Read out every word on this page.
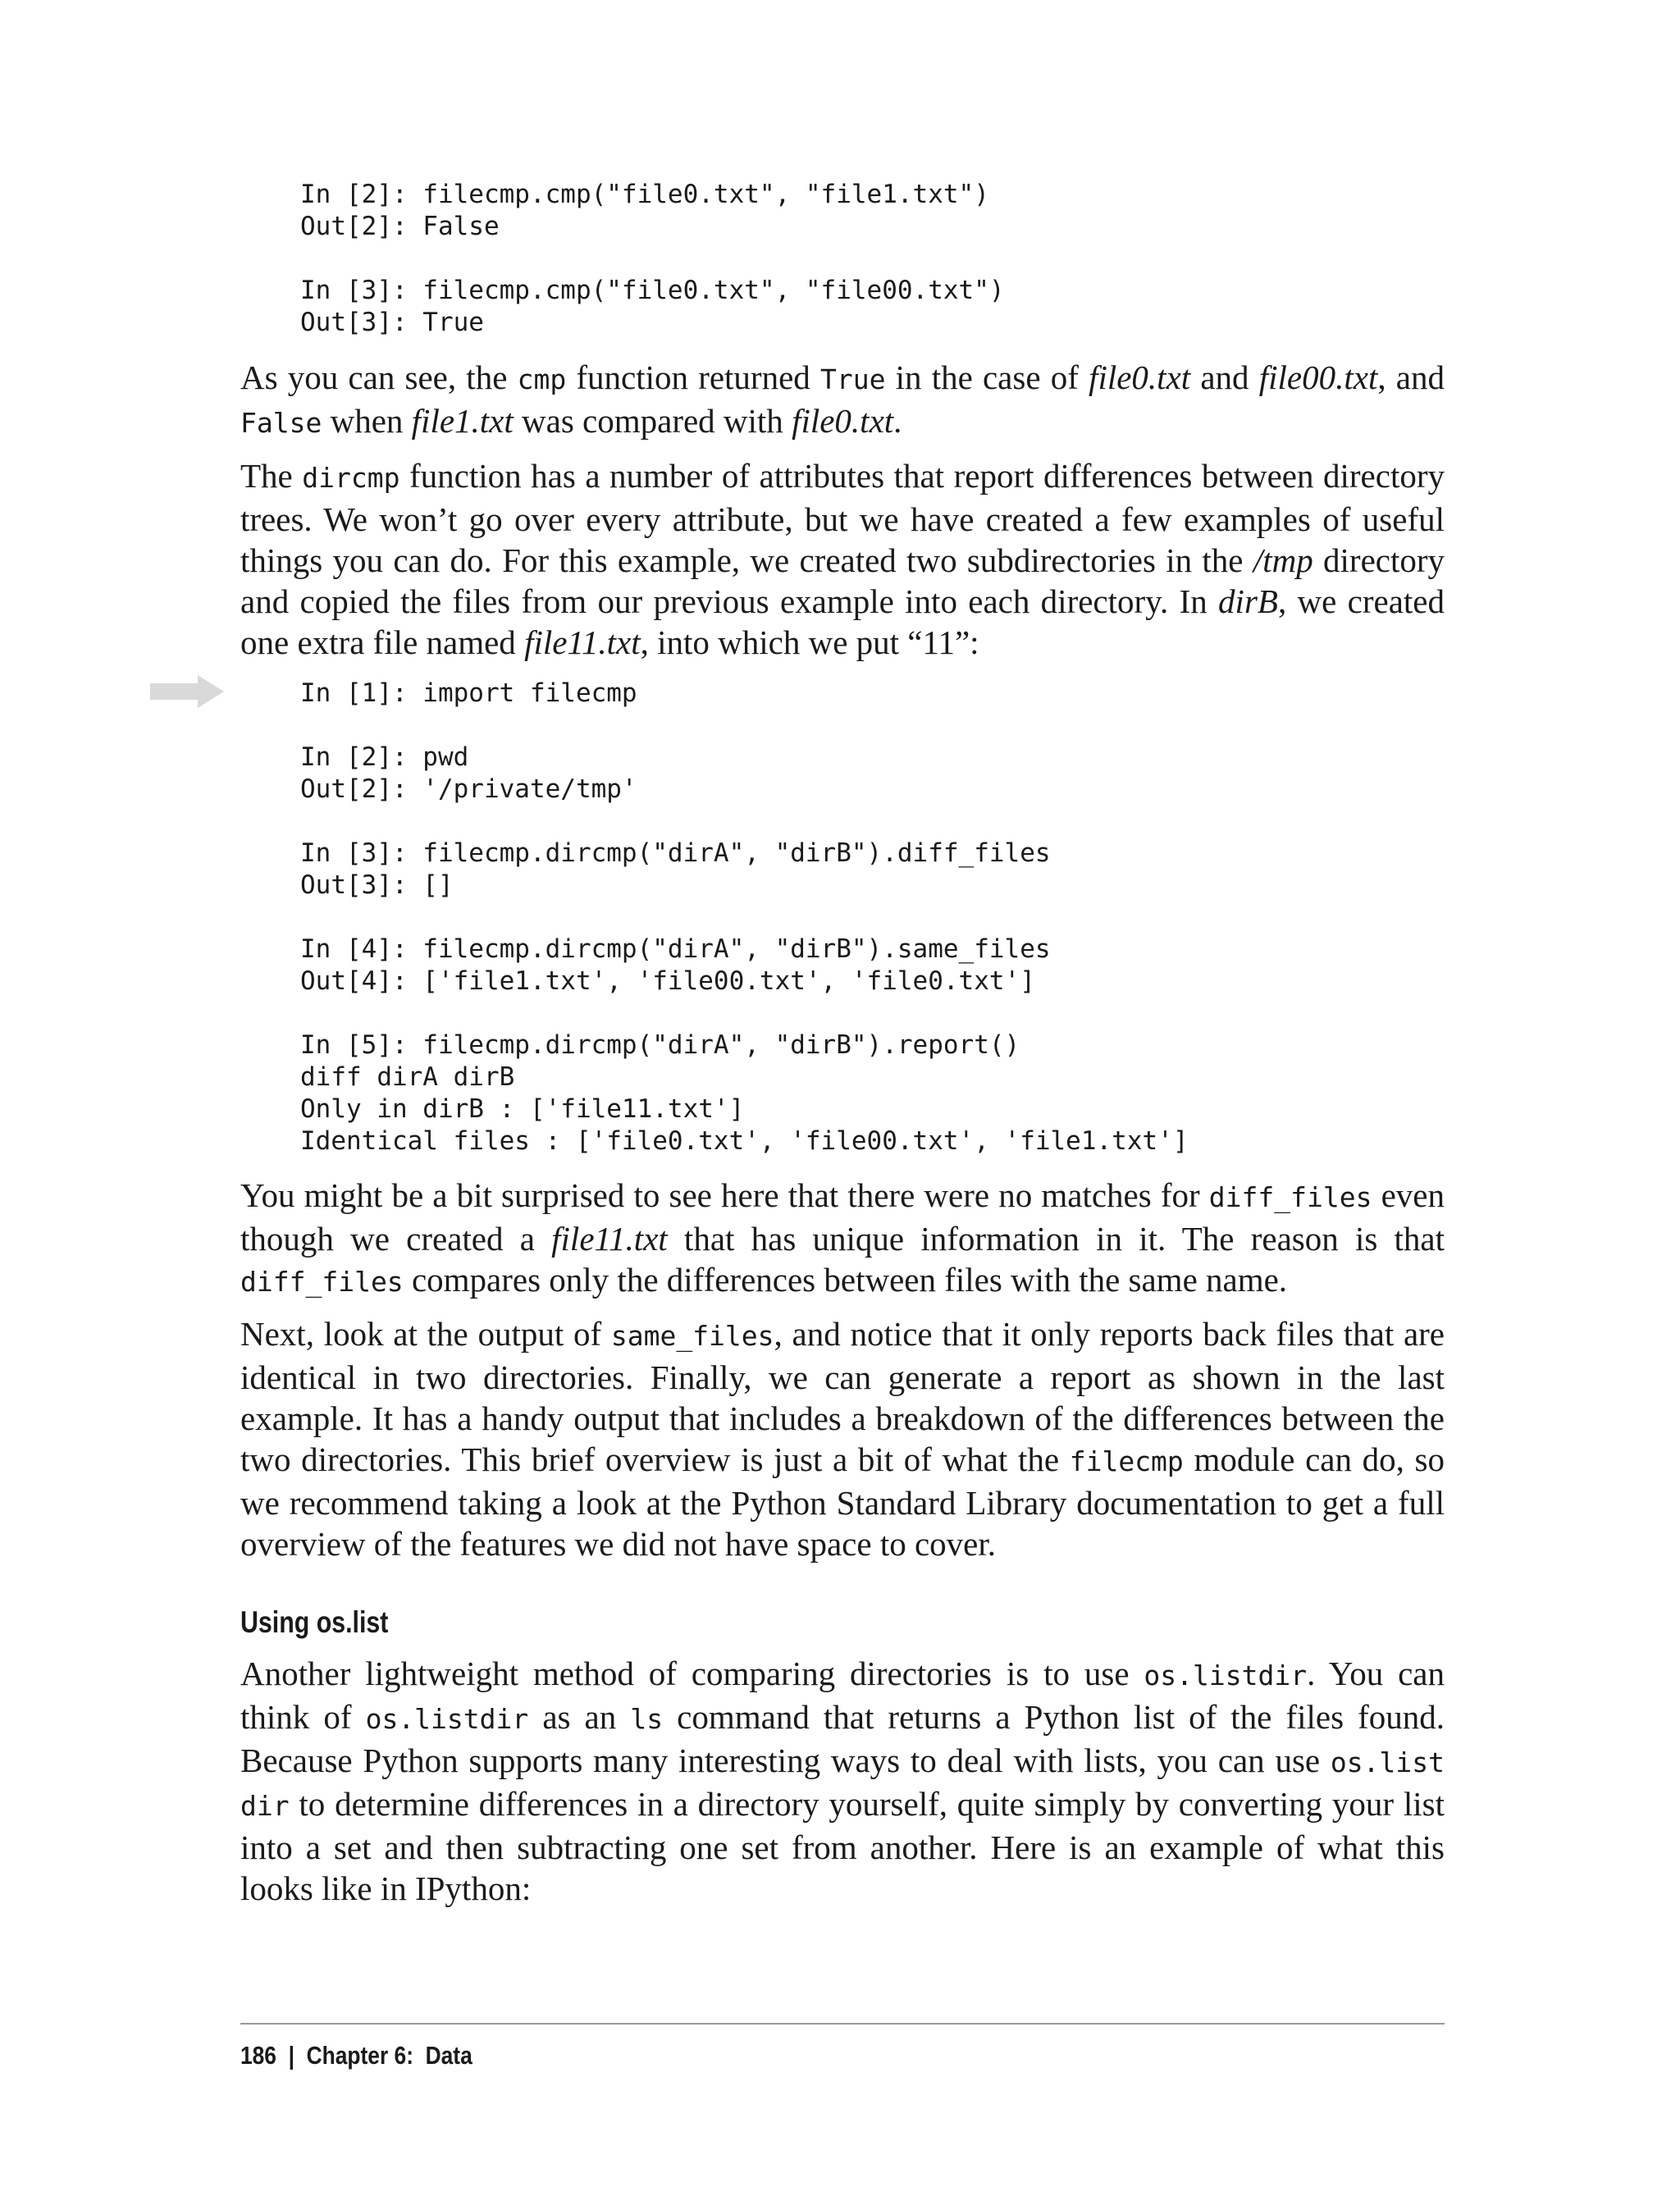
In [2]: filecmp.cmp("file0.txt", "file1.txt")
Out[2]: False

In [3]: filecmp.cmp("file0.txt", "file00.txt")
Out[3]: True

As you can see, the cmp function returned True in the case of file0.txt and file00.txt, and False when file1.txt was compared with file0.txt.

The dircmp function has a number of attributes that report differences between directory trees. We won’t go over every attribute, but we have created a few examples of useful things you can do. For this example, we created two subdirectories in the /tmp directory and copied the files from our previous example into each directory. In dirB, we created one extra file named file11.txt, into which we put “11”:

In [1]: import filecmp

In [2]: pwd
Out[2]: '/private/tmp'

In [3]: filecmp.dircmp("dirA", "dirB").diff_files
Out[3]: []

In [4]: filecmp.dircmp("dirA", "dirB").same_files
Out[4]: ['file1.txt', 'file00.txt', 'file0.txt']

In [5]: filecmp.dircmp("dirA", "dirB").report()
diff dirA dirB
Only in dirB : ['file11.txt']
Identical files : ['file0.txt', 'file00.txt', 'file1.txt']

You might be a bit surprised to see here that there were no matches for diff_files even though we created a file11.txt that has unique information in it. The reason is that diff_files compares only the differences between files with the same name.

Next, look at the output of same_files, and notice that it only reports back files that are identical in two directories. Finally, we can generate a report as shown in the last example. It has a handy output that includes a breakdown of the differences between the two directories. This brief overview is just a bit of what the filecmp module can do, so we recommend taking a look at the Python Standard Library documentation to get a full overview of the features we did not have space to cover.

Using os.list

Another lightweight method of comparing directories is to use os.listdir. You can think of os.listdir as an ls command that returns a Python list of the files found. Because Python supports many interesting ways to deal with lists, you can use os.list dir to determine differences in a directory yourself, quite simply by converting your list into a set and then subtracting one set from another. Here is an example of what this looks like in IPython:

186 | Chapter 6:  Data
